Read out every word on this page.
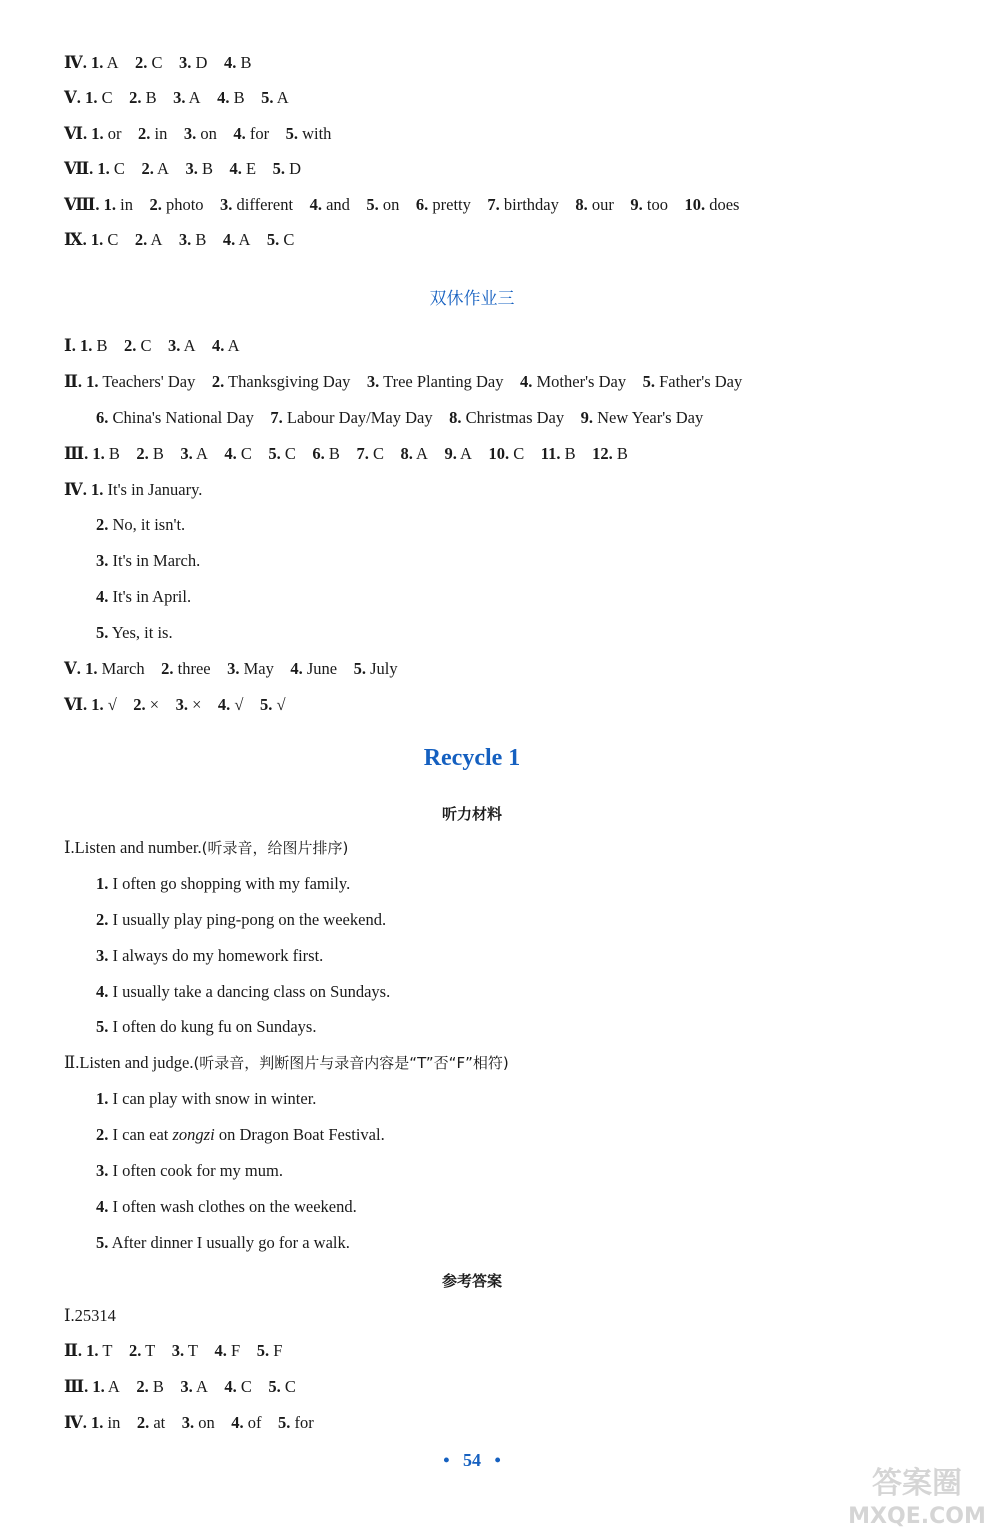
Ⅳ. 1. A  2. C  3. D  4. B
Ⅴ. 1. C  2. B  3. A  4. B  5. A
Ⅵ. 1. or  2. in  3. on  4. for  5. with
Ⅶ. 1. C  2. A  3. B  4. E  5. D
Ⅷ. 1. in  2. photo  3. different  4. and  5. on  6. pretty  7. birthday  8. our  9. too  10. does
Ⅸ. 1. C  2. A  3. B  4. A  5. C
双休作业三
Ⅰ. 1. B  2. C  3. A  4. A
Ⅱ. 1. Teachers' Day  2. Thanksgiving Day  3. Tree Planting Day  4. Mother's Day  5. Father's Day
6. China's National Day  7. Labour Day/May Day  8. Christmas Day  9. New Year's Day
Ⅲ. 1. B  2. B  3. A  4. C  5. C  6. B  7. C  8. A  9. A  10. C  11. B  12. B
Ⅳ. 1. It's in January.
2. No, it isn't.
3. It's in March.
4. It's in April.
5. Yes, it is.
Ⅴ. 1. March  2. three  3. May  4. June  5. July
Ⅵ. 1. √  2. ×  3. ×  4. √  5. √
Recycle 1
听力材料
Ⅰ.Listen and number.(听录音，给图片排序)
1. I often go shopping with my family.
2. I usually play ping-pong on the weekend.
3. I always do my homework first.
4. I usually take a dancing class on Sundays.
5. I often do kung fu on Sundays.
Ⅱ.Listen and judge.(听录音，判断图片与录音内容是“T”否“F”相符)
1. I can play with snow in winter.
2. I can eat zongzi on Dragon Boat Festival.
3. I often cook for my mum.
4. I often wash clothes on the weekend.
5. After dinner I usually go for a walk.
参考答案
Ⅰ.25314
Ⅱ. 1. T  2. T  3. T  4. F  5. F
Ⅲ. 1. A  2. B  3. A  4. C  5. C
Ⅳ. 1. in  2. at  3. on  4. of  5. for
• 54 •
答案圈
MXQE.COM
